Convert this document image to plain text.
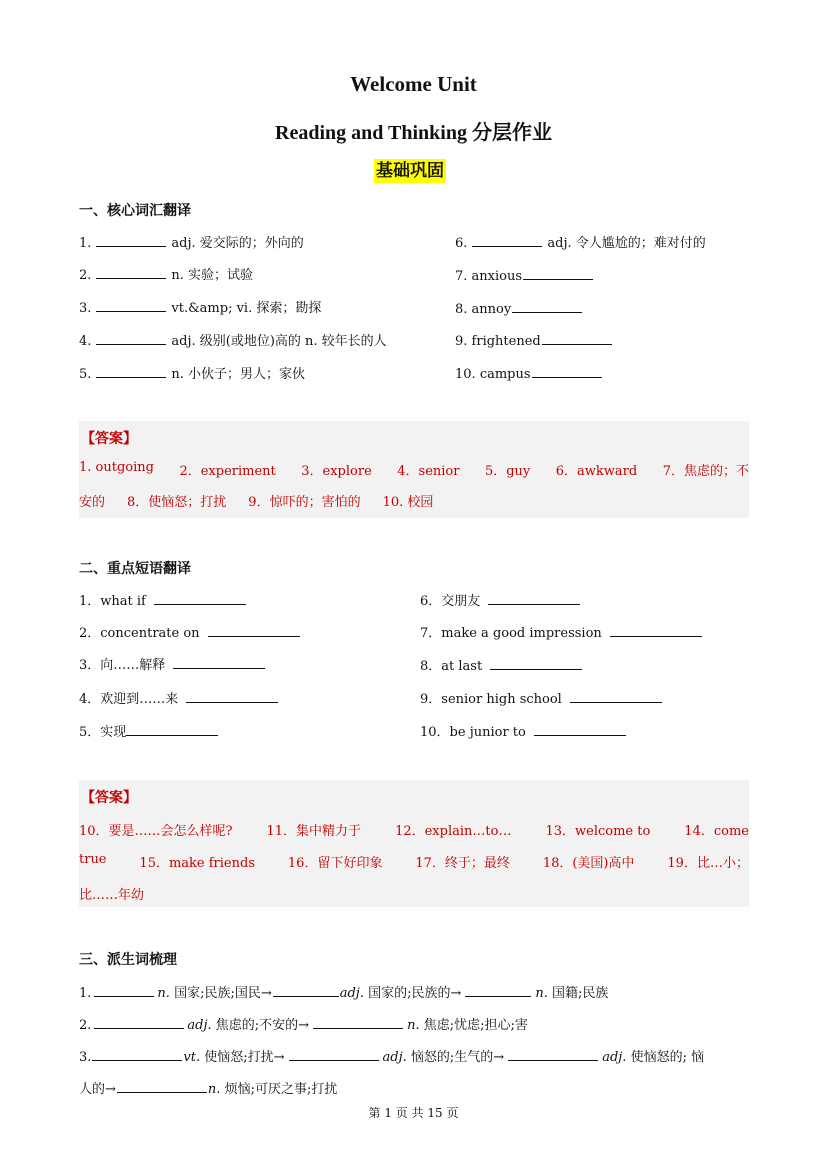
Welcome Unit
Reading and Thinking 分层作业
基础巩固
一、核心词汇翻译
1.	adj. 爱交际的；外向的
2.	n. 实验；试验
3.	vt.&amp; vi. 探索；勘探
4.	adj. 级别(或地位)高的 n. 较年长的人
5.	n. 小伙子；男人；家伙
6.	adj. 令人尴尬的；难对付的
7. anxious
8. annoy
9. frightened
10. campus
【答案】
1. outgoing 2．experiment 3．explore 4．senior 5．guy 6．awkward 7．焦虑的；不
安的 8．使恼怒；打扰 9．惊吓的；害怕的 10. 校园
二、重点短语翻译
1．what if
2．concentrate on
3．向……解释
4．欢迎到……来
5．实现
6．交朋友
7．make a good impression
8．at last
9．senior high school
10．be junior to
【答案】
10．要是……会怎么样呢?	11．集中精力于	12．explain…to…	13．welcome to	14．come
true	15．make friends	16．留下好印象	17．终于；最终	18．(美国)高中	19．比…小；
比……年幼
三、派生词梳理
1.	n. 国家;民族;国民→	adj. 国家的;民族的→	n. 国籍;民族
2.	adj. 焦虑的;不安的→	n. 焦虑;忧虑;担心;害
3.	vt. 使恼怒;打扰→	adj. 恼怒的;生气的→	adj. 使恼怒的; 恼
人的→	n. 烦恼;可厌之事;打扰
第 1 页 共 15 页
